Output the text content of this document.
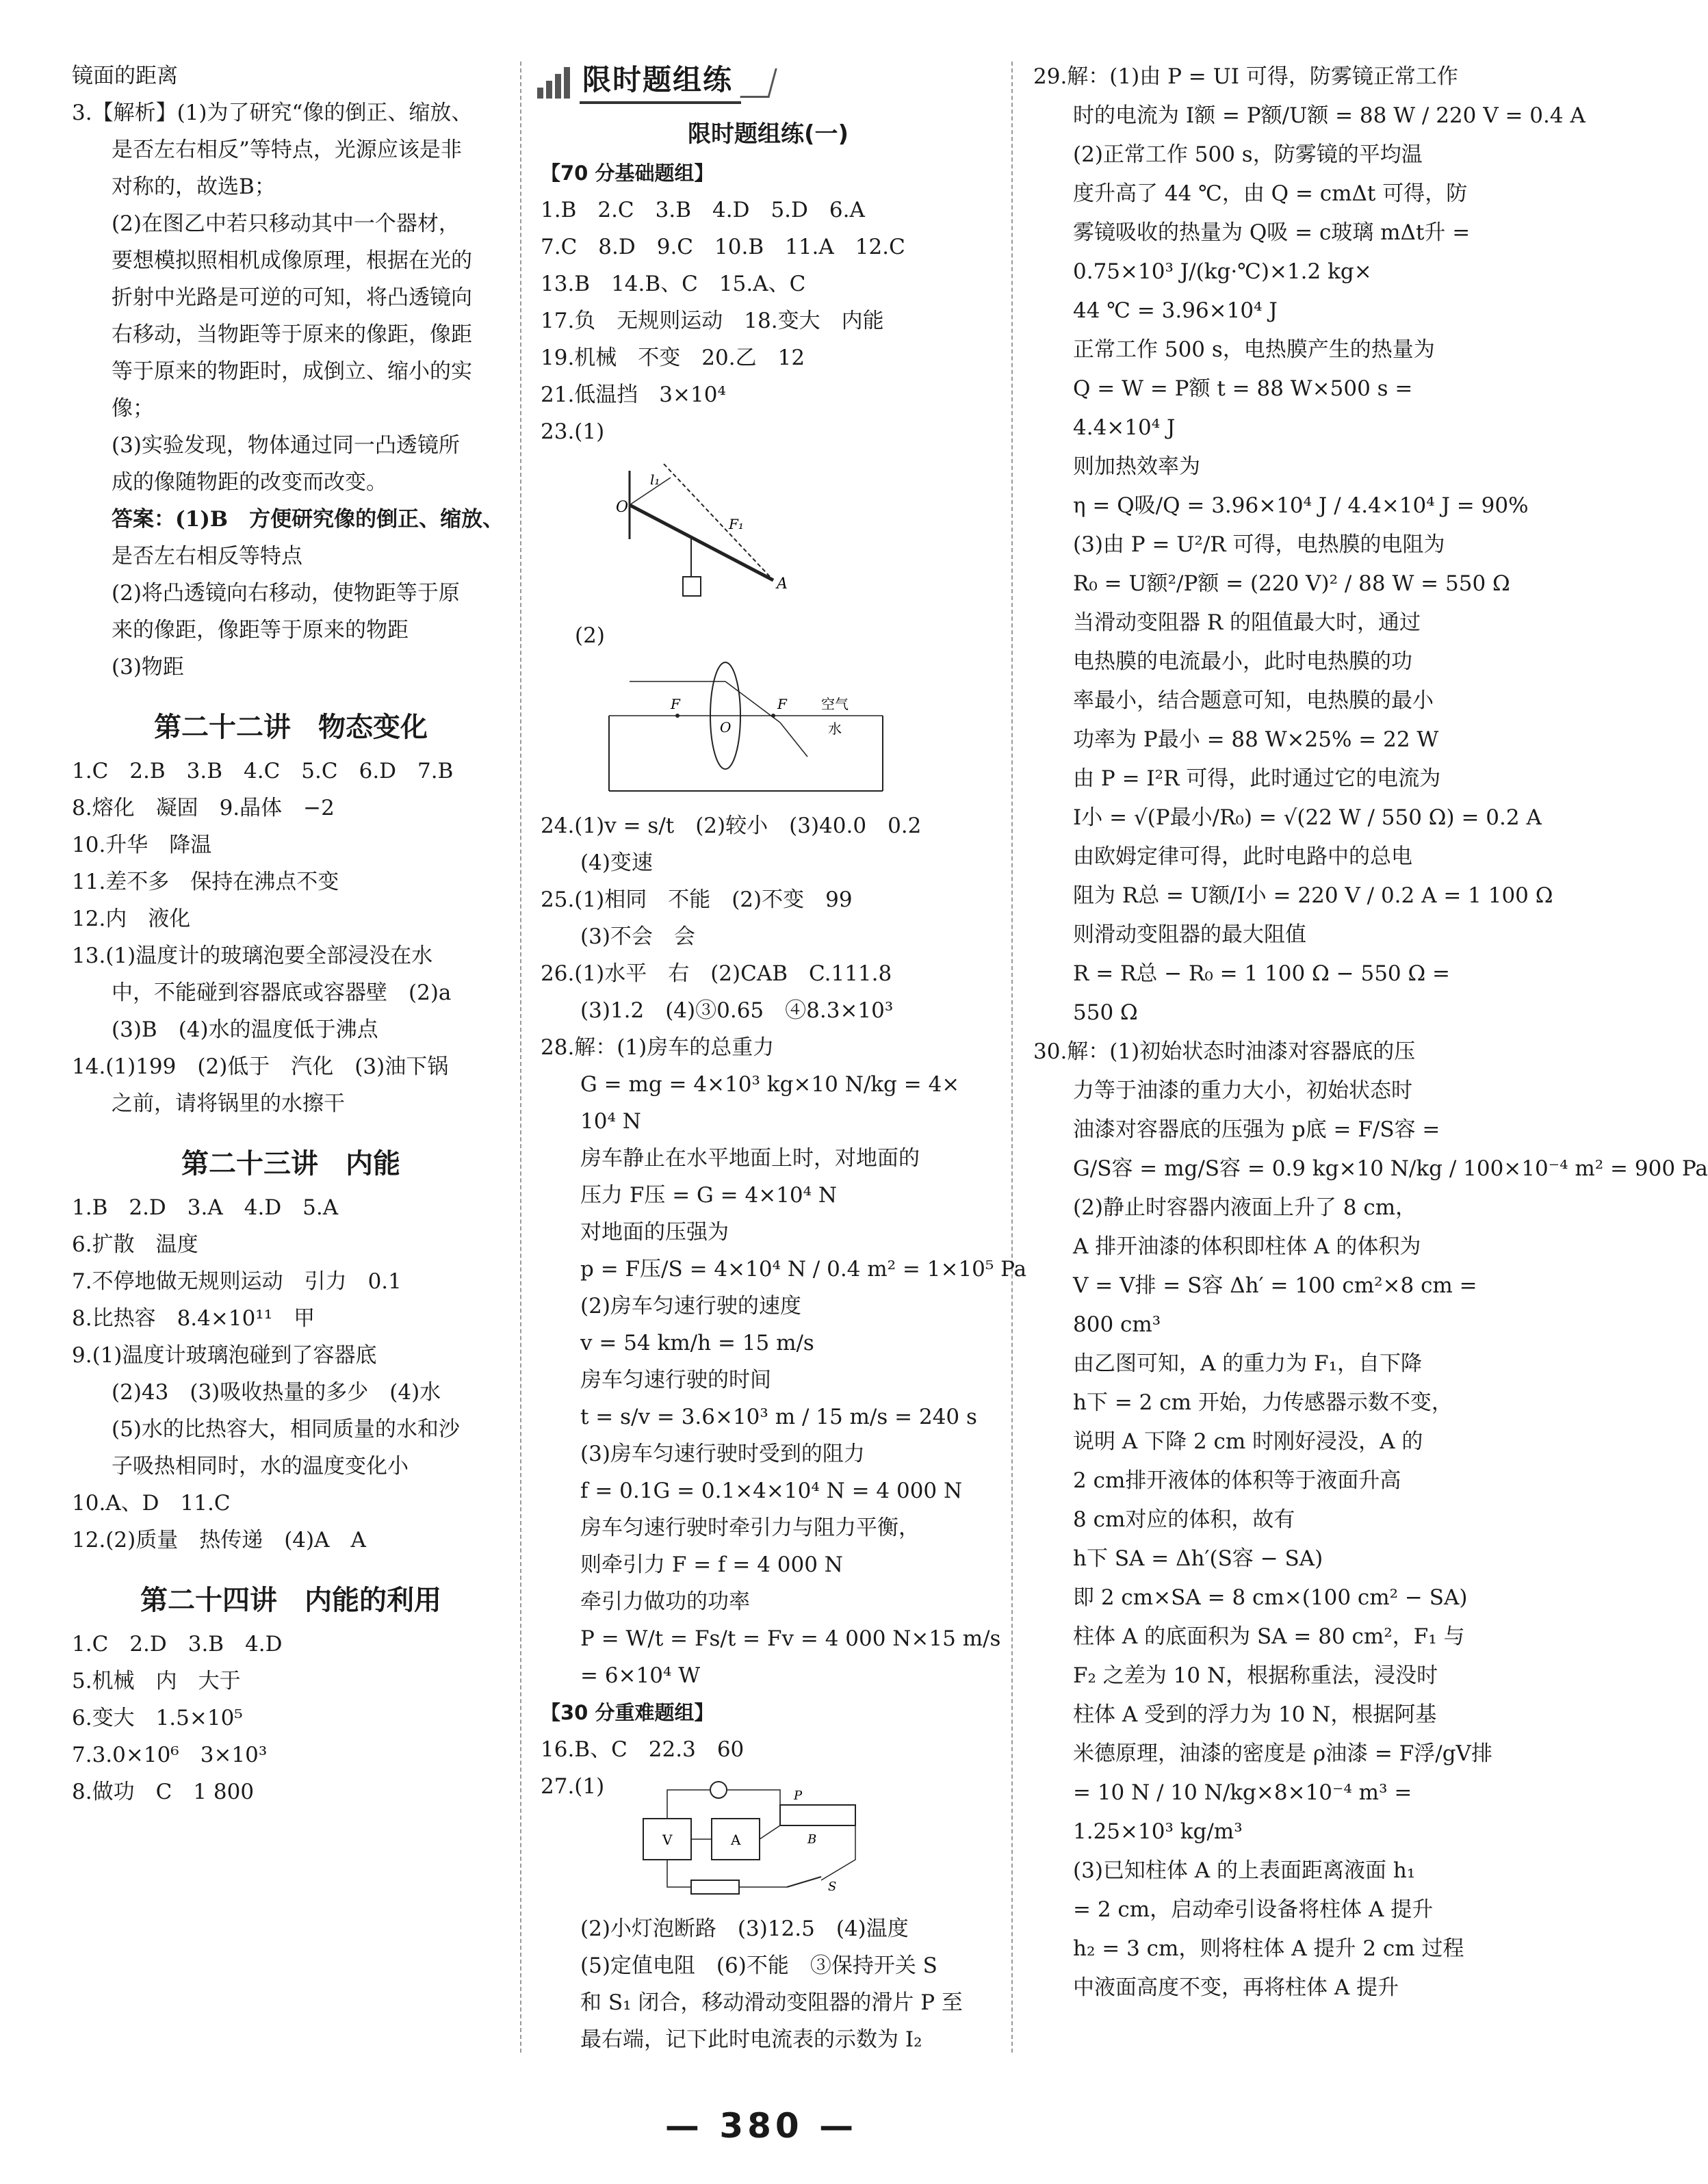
镜面的距离
3.【解析】(1)为了研究“像的倒正、缩放、
是否左右相反”等特点，光源应该是非
对称的，故选B；
(2)在图乙中若只移动其中一个器材，
要想模拟照相机成像原理，根据在光的
折射中光路是可逆的可知，将凸透镜向
右移动，当物距等于原来的像距，像距
等于原来的物距时，成倒立、缩小的实
像；
(3)实验发现，物体通过同一凸透镜所
成的像随物距的改变而改变。
答案：(1)B　方便研究像的倒正、缩放、
是否左右相反等特点
(2)将凸透镜向右移动，使物距等于原
来的像距，像距等于原来的物距
(3)物距
第二十二讲　物态变化
1.C　2.B　3.B　4.C　5.C　6.D　7.B
8.熔化　凝固　9.晶体　−2
10.升华　降温
11.差不多　保持在沸点不变
12.内　液化
13.(1)温度计的玻璃泡要全部浸没在水
中，不能碰到容器底或容器壁　(2)a
(3)B　(4)水的温度低于沸点
14.(1)199　(2)低于　汽化　(3)油下锅
之前，请将锅里的水擦干
第二十三讲　内能
1.B　2.D　3.A　4.D　5.A
6.扩散　温度
7.不停地做无规则运动　引力　0.1
8.比热容　8.4×10¹¹　甲
9.(1)温度计玻璃泡碰到了容器底
(2)43　(3)吸收热量的多少　(4)水
(5)水的比热容大，相同质量的水和沙
子吸热相同时，水的温度变化小
10.A、D　11.C
12.(2)质量　热传递　(4)A　A
第二十四讲　内能的利用
1.C　2.D　3.B　4.D
5.机械　内　大于
6.变大　1.5×10⁵
7.3.0×10⁶　3×10³
8.做功　C　1 800
限时题组练
限时题组练(一)
【70 分基础题组】
1.B　2.C　3.B　4.D　5.D　6.A
7.C　8.D　9.C　10.B　11.A　12.C
13.B　14.B、C　15.A、C
17.负　无规则运动　18.变大　内能
19.机械　不变　20.乙　12
21.低温挡　3×10⁴
23.(1)
O
l₁
F₁
A
(2)
F
O
F	空气
水
24.(1)v = s/t　(2)较小　(3)40.0　0.2
(4)变速
25.(1)相同　不能　(2)不变　99
(3)不会　会
26.(1)水平　右　(2)CAB　C.111.8
(3)1.2　(4)③0.65　④8.3×10³
28.解：(1)房车的总重力
G = mg = 4×10³ kg×10 N/kg = 4×
10⁴ N
房车静止在水平地面上时，对地面的
压力 F压 = G = 4×10⁴ N
对地面的压强为
p = F压/S = 4×10⁴ N / 0.4 m² = 1×10⁵ Pa
(2)房车匀速行驶的速度
v = 54 km/h = 15 m/s
房车匀速行驶的时间
t = s/v = 3.6×10³ m / 15 m/s = 240 s
(3)房车匀速行驶时受到的阻力
f = 0.1G = 0.1×4×10⁴ N = 4 000 N
房车匀速行驶时牵引力与阻力平衡，
则牵引力 F = f = 4 000 N
牵引力做功的功率
P = W/t = Fs/t = Fv = 4 000 N×15 m/s
= 6×10⁴ W
【30 分重难题组】
16.B、C　22.3　60
27.(1)
V	A
P
B
S
(2)小灯泡断路　(3)12.5　(4)温度
(5)定值电阻　(6)不能　③保持开关 S
和 S₁ 闭合，移动滑动变阻器的滑片 P 至
最右端，记下此时电流表的示数为 I₂
29.解：(1)由 P = UI 可得，防雾镜正常工作
时的电流为 I额 = P额/U额 = 88 W / 220 V = 0.4 A
(2)正常工作 500 s，防雾镜的平均温
度升高了 44 ℃，由 Q = cmΔt 可得，防
雾镜吸收的热量为 Q吸 = c玻璃 mΔt升 =
0.75×10³ J/(kg·℃)×1.2 kg×
44 ℃ = 3.96×10⁴ J
正常工作 500 s，电热膜产生的热量为
Q = W = P额 t = 88 W×500 s =
4.4×10⁴ J
则加热效率为
η = Q吸/Q = 3.96×10⁴ J / 4.4×10⁴ J = 90%
(3)由 P = U²/R 可得，电热膜的电阻为
R₀ = U额²/P额 = (220 V)² / 88 W = 550 Ω
当滑动变阻器 R 的阻值最大时，通过
电热膜的电流最小，此时电热膜的功
率最小，结合题意可知，电热膜的最小
功率为 P最小 = 88 W×25% = 22 W
由 P = I²R 可得，此时通过它的电流为
I小 = √(P最小/R₀) = √(22 W / 550 Ω) = 0.2 A
由欧姆定律可得，此时电路中的总电
阻为 R总 = U额/I小 = 220 V / 0.2 A = 1 100 Ω
则滑动变阻器的最大阻值
R = R总 − R₀ = 1 100 Ω − 550 Ω =
550 Ω
30.解：(1)初始状态时油漆对容器底的压
力等于油漆的重力大小，初始状态时
油漆对容器底的压强为 p底 = F/S容 =
G/S容 = mg/S容 = 0.9 kg×10 N/kg / 100×10⁻⁴ m² = 900 Pa
(2)静止时容器内液面上升了 8 cm，
A 排开油漆的体积即柱体 A 的体积为
V = V排 = S容 Δh′ = 100 cm²×8 cm =
800 cm³
由乙图可知，A 的重力为 F₁，自下降
h下 = 2 cm 开始，力传感器示数不变，
说明 A 下降 2 cm 时刚好浸没，A 的
2 cm排开液体的体积等于液面升高
8 cm对应的体积，故有
h下 SA = Δh′(S容 − SA)
即 2 cm×SA = 8 cm×(100 cm² − SA)
柱体 A 的底面积为 SA = 80 cm²，F₁ 与
F₂ 之差为 10 N，根据称重法，浸没时
柱体 A 受到的浮力为 10 N，根据阿基
米德原理，油漆的密度是 ρ油漆 = F浮/gV排
= 10 N / 10 N/kg×8×10⁻⁴ m³ =
1.25×10³ kg/m³
(3)已知柱体 A 的上表面距离液面 h₁
= 2 cm，启动牵引设备将柱体 A 提升
h₂ = 3 cm，则将柱体 A 提升 2 cm 过程
中液面高度不变，再将柱体 A 提升
— 380 —
